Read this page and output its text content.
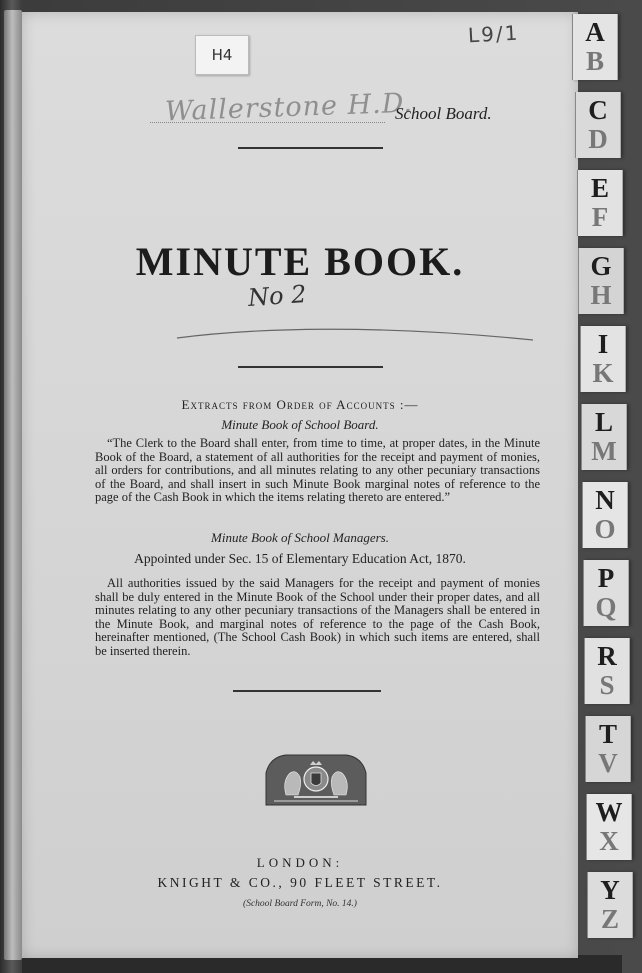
H4
Wallerstone H.D.
School Board.
MINUTE BOOK.
No 2
Extracts from Order of Accounts :—
Minute Book of School Board.

“The Clerk to the Board shall enter, from time to time, at proper dates, in the Minute Book of the Board, a statement of all authorities for the receipt and payment of monies, all orders for contributions, and all minutes relating to any other pecuniary transactions of the Board, and shall insert in such Minute Book marginal notes of reference to the page of the Cash Book in which the items relating thereto are entered.”

Minute Book of School Managers.
Appointed under Sec. 15 of Elementary Education Act, 1870.

All authorities issued by the said Managers for the receipt and payment of monies shall be duly entered in the Minute Book of the School under their proper dates, and all minutes relating to any other pecuniary transactions of the Managers shall be entered in the Minute Book, and marginal notes of reference to the page of the Cash Book, hereinafter mentioned, (The School Cash Book) in which such items are entered, shall be inserted therein.

LONDON:
KNIGHT & CO., 90 FLEET STREET.
(School Board Form, No. 14.)
L9/1 A
B
C
D
E
F
G
H
I
K
L
M
N
O
P
Q
R
S
T
V
W
X
Y
Z
